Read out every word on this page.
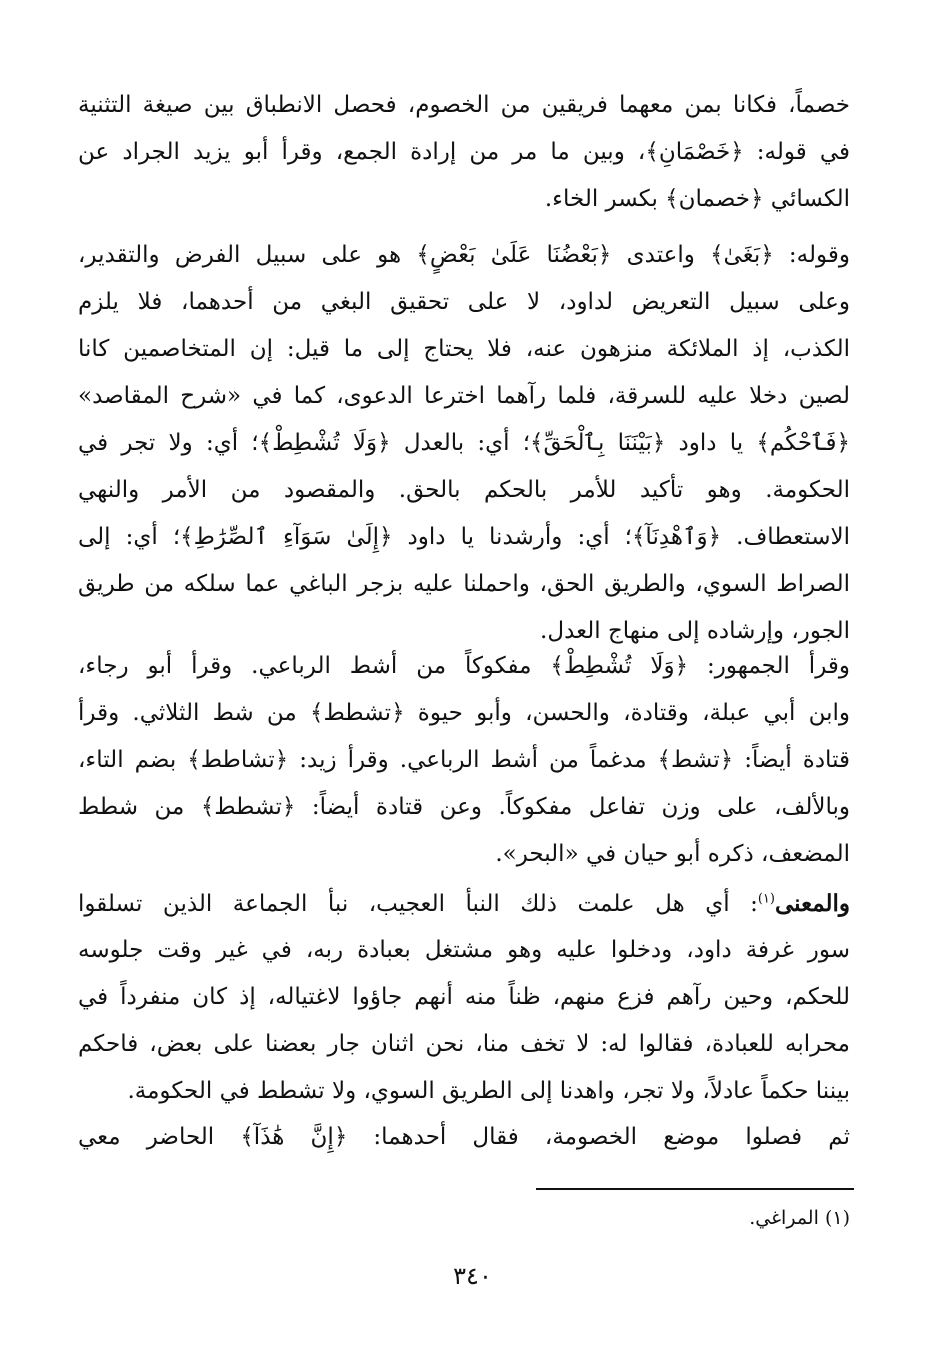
خصماً، فكانا بمن معهما فريقين من الخصوم، فحصل الانطباق بين صيغة التثنية
في قوله: ﴿خَصْمَانِ﴾، وبين ما مر من إرادة الجمع، وقرأ أبو يزيد الجراد عن
الكسائي ﴿خصمان﴾ بكسر الخاء.
وقوله: ﴿بَغَىٰ﴾ واعتدى ﴿بَعْضُنَا عَلَىٰ بَعْضٍ﴾ هو على سبيل الفرض والتقدير،
وعلى سبيل التعريض لداود، لا على تحقيق البغي من أحدهما، فلا يلزم
الكذب، إذ الملائكة منزهون عنه، فلا يحتاج إلى ما قيل: إن المتخاصمين كانا
لصين دخلا عليه للسرقة، فلما رآهما اخترعا الدعوى، كما في «شرح المقاصد»
﴿فَٱحْكُم﴾ يا داود ﴿بَيْنَنَا بِٱلْحَقِّ﴾؛ أي: بالعدل ﴿وَلَا تُشْطِطْ﴾؛ أي: ولا تجر في
الحكومة. وهو تأكيد للأمر بالحكم بالحق. والمقصود من الأمر والنهي
الاستعطاف. ﴿وَٱهْدِنَآ﴾؛ أي: وأرشدنا يا داود ﴿إِلَىٰ سَوَآءِ ٱلصِّرَٰطِ﴾؛ أي: إلى
الصراط السوي، والطريق الحق، واحملنا عليه بزجر الباغي عما سلكه من طريق
الجور، وإرشاده إلى منهاج العدل.
وقرأ الجمهور: ﴿وَلَا تُشْطِطْ﴾ مفكوكاً من أشط الرباعي. وقرأ أبو رجاء،
وابن أبي عبلة، وقتادة، والحسن، وأبو حيوة ﴿تشطط﴾ من شط الثلاثي. وقرأ
قتادة أيضاً: ﴿تشط﴾ مدغماً من أشط الرباعي. وقرأ زيد: ﴿تشاطط﴾ بضم التاء،
وبالألف، على وزن تفاعل مفكوكاً. وعن قتادة أيضاً: ﴿تشطط﴾ من شطط
المضعف، ذكره أبو حيان في «البحر».
والمعنى$^{(١)}$: أي هل علمت ذلك النبأ العجيب، نبأ الجماعة الذين تسلقوا
سور غرفة داود، ودخلوا عليه وهو مشتغل بعبادة ربه، في غير وقت جلوسه
للحكم، وحين رآهم فزع منهم، ظناً منه أنهم جاؤوا لاغتياله، إذ كان منفرداً في
محرابه للعبادة، فقالوا له: لا تخف منا، نحن اثنان جار بعضنا على بعض، فاحكم
بيننا حكماً عادلاً، ولا تجر، واهدنا إلى الطريق السوي، ولا تشطط في الحكومة.
ثم فصلوا موضع الخصومة، فقال أحدهما: ﴿إِنَّ هَٰذَآ﴾ الحاضر معي
(١) المراغي.
٣٤٠
